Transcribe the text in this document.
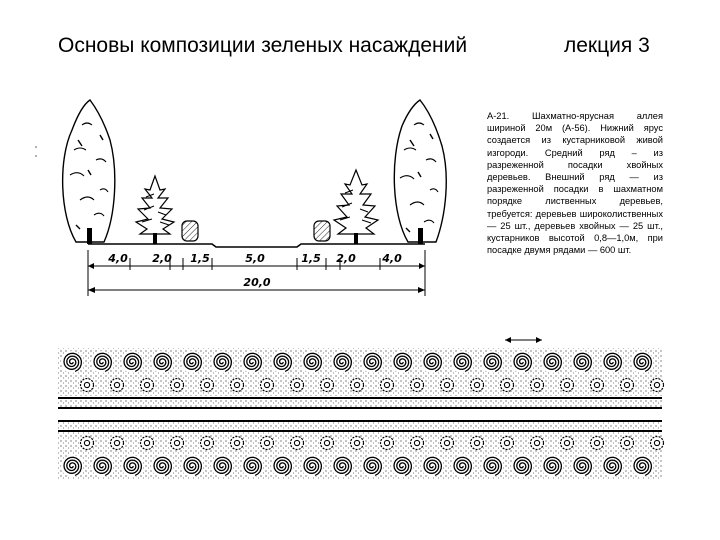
Основы композиции зеленых насаждений	лекция 3
А-21. Шахматно-ярусная аллея шириной 20м (А-56). Нижний ярус создается из кустарниковой живой изгороди. Средний ряд – из разреженной посадки хвойных деревьев. Внешний ряд — из разреженной посадки в шахматном порядке лиственных деревьев, требуется: деревьев широколиственных — 25 шт., деревьев хвойных — 25 шт., кустарников высотой 0,8—1,0м, при посадке двумя рядами — 600 шт.
4,0 2,0 1,5	5,0	1,5 2,0 4,0
20,0
